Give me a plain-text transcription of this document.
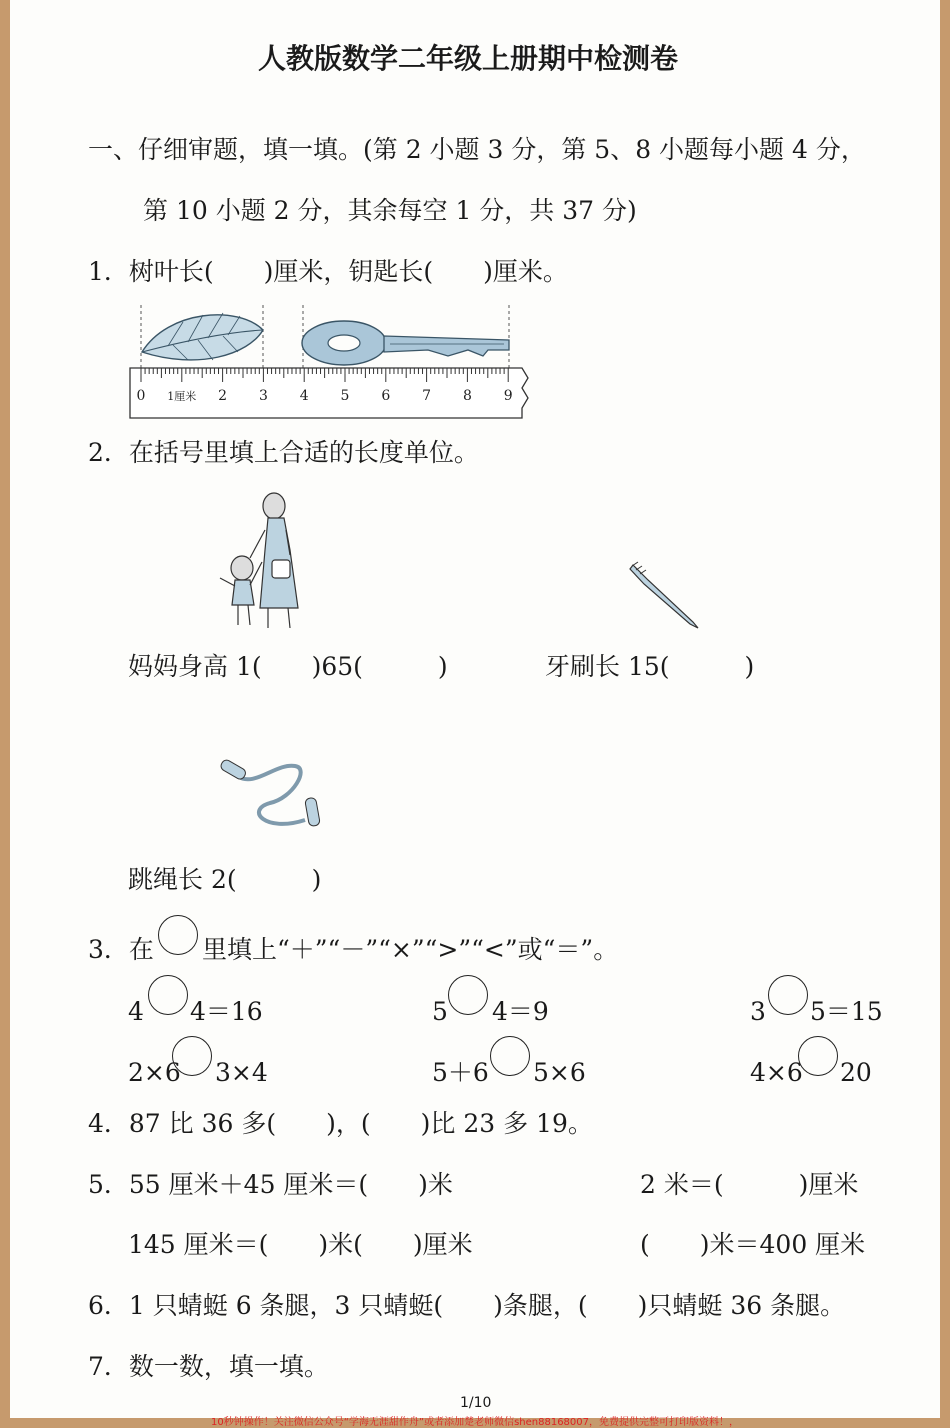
人教版数学二年级上册期中检测卷
一、仔细审题，填一填。(第 2 小题 3 分，第 5、8 小题每小题 4 分，
第 10 小题 2 分，其余每空 1 分，共 37 分)
1．树叶长(　　)厘米，钥匙长(　　)厘米。
0 1厘米 2 3 4 5 6 7 8 9
2．在括号里填上合适的长度单位。
妈妈身高 1(　　)65(　　　)	牙刷长 15(　　　)
跳绳长 2(　　　)
3．在 里填上“＋”“－”“×”“>”“<”或“＝”。
4 4＝16	5 4＝9	3 5＝15
2×6 3×4	5＋6 5×6	4×6 20
4．87 比 36 多(　　)，(　　)比 23 多 19。
5．55 厘米＋45 厘米＝(　　)米	2 米＝(　　　)厘米
145 厘米＝(　　)米(　　)厘米	(　　)米＝400 厘米
6．1 只蜻蜓 6 条腿，3 只蜻蜓(　　)条腿，(　　)只蜻蜓 36 条腿。
7．数一数，填一填。
1/10
10秒钟操作！关注微信公众号“学海无涯甜作舟”或者添加楚老师微信shen88168007，免费提供完整可打印版资料！，
